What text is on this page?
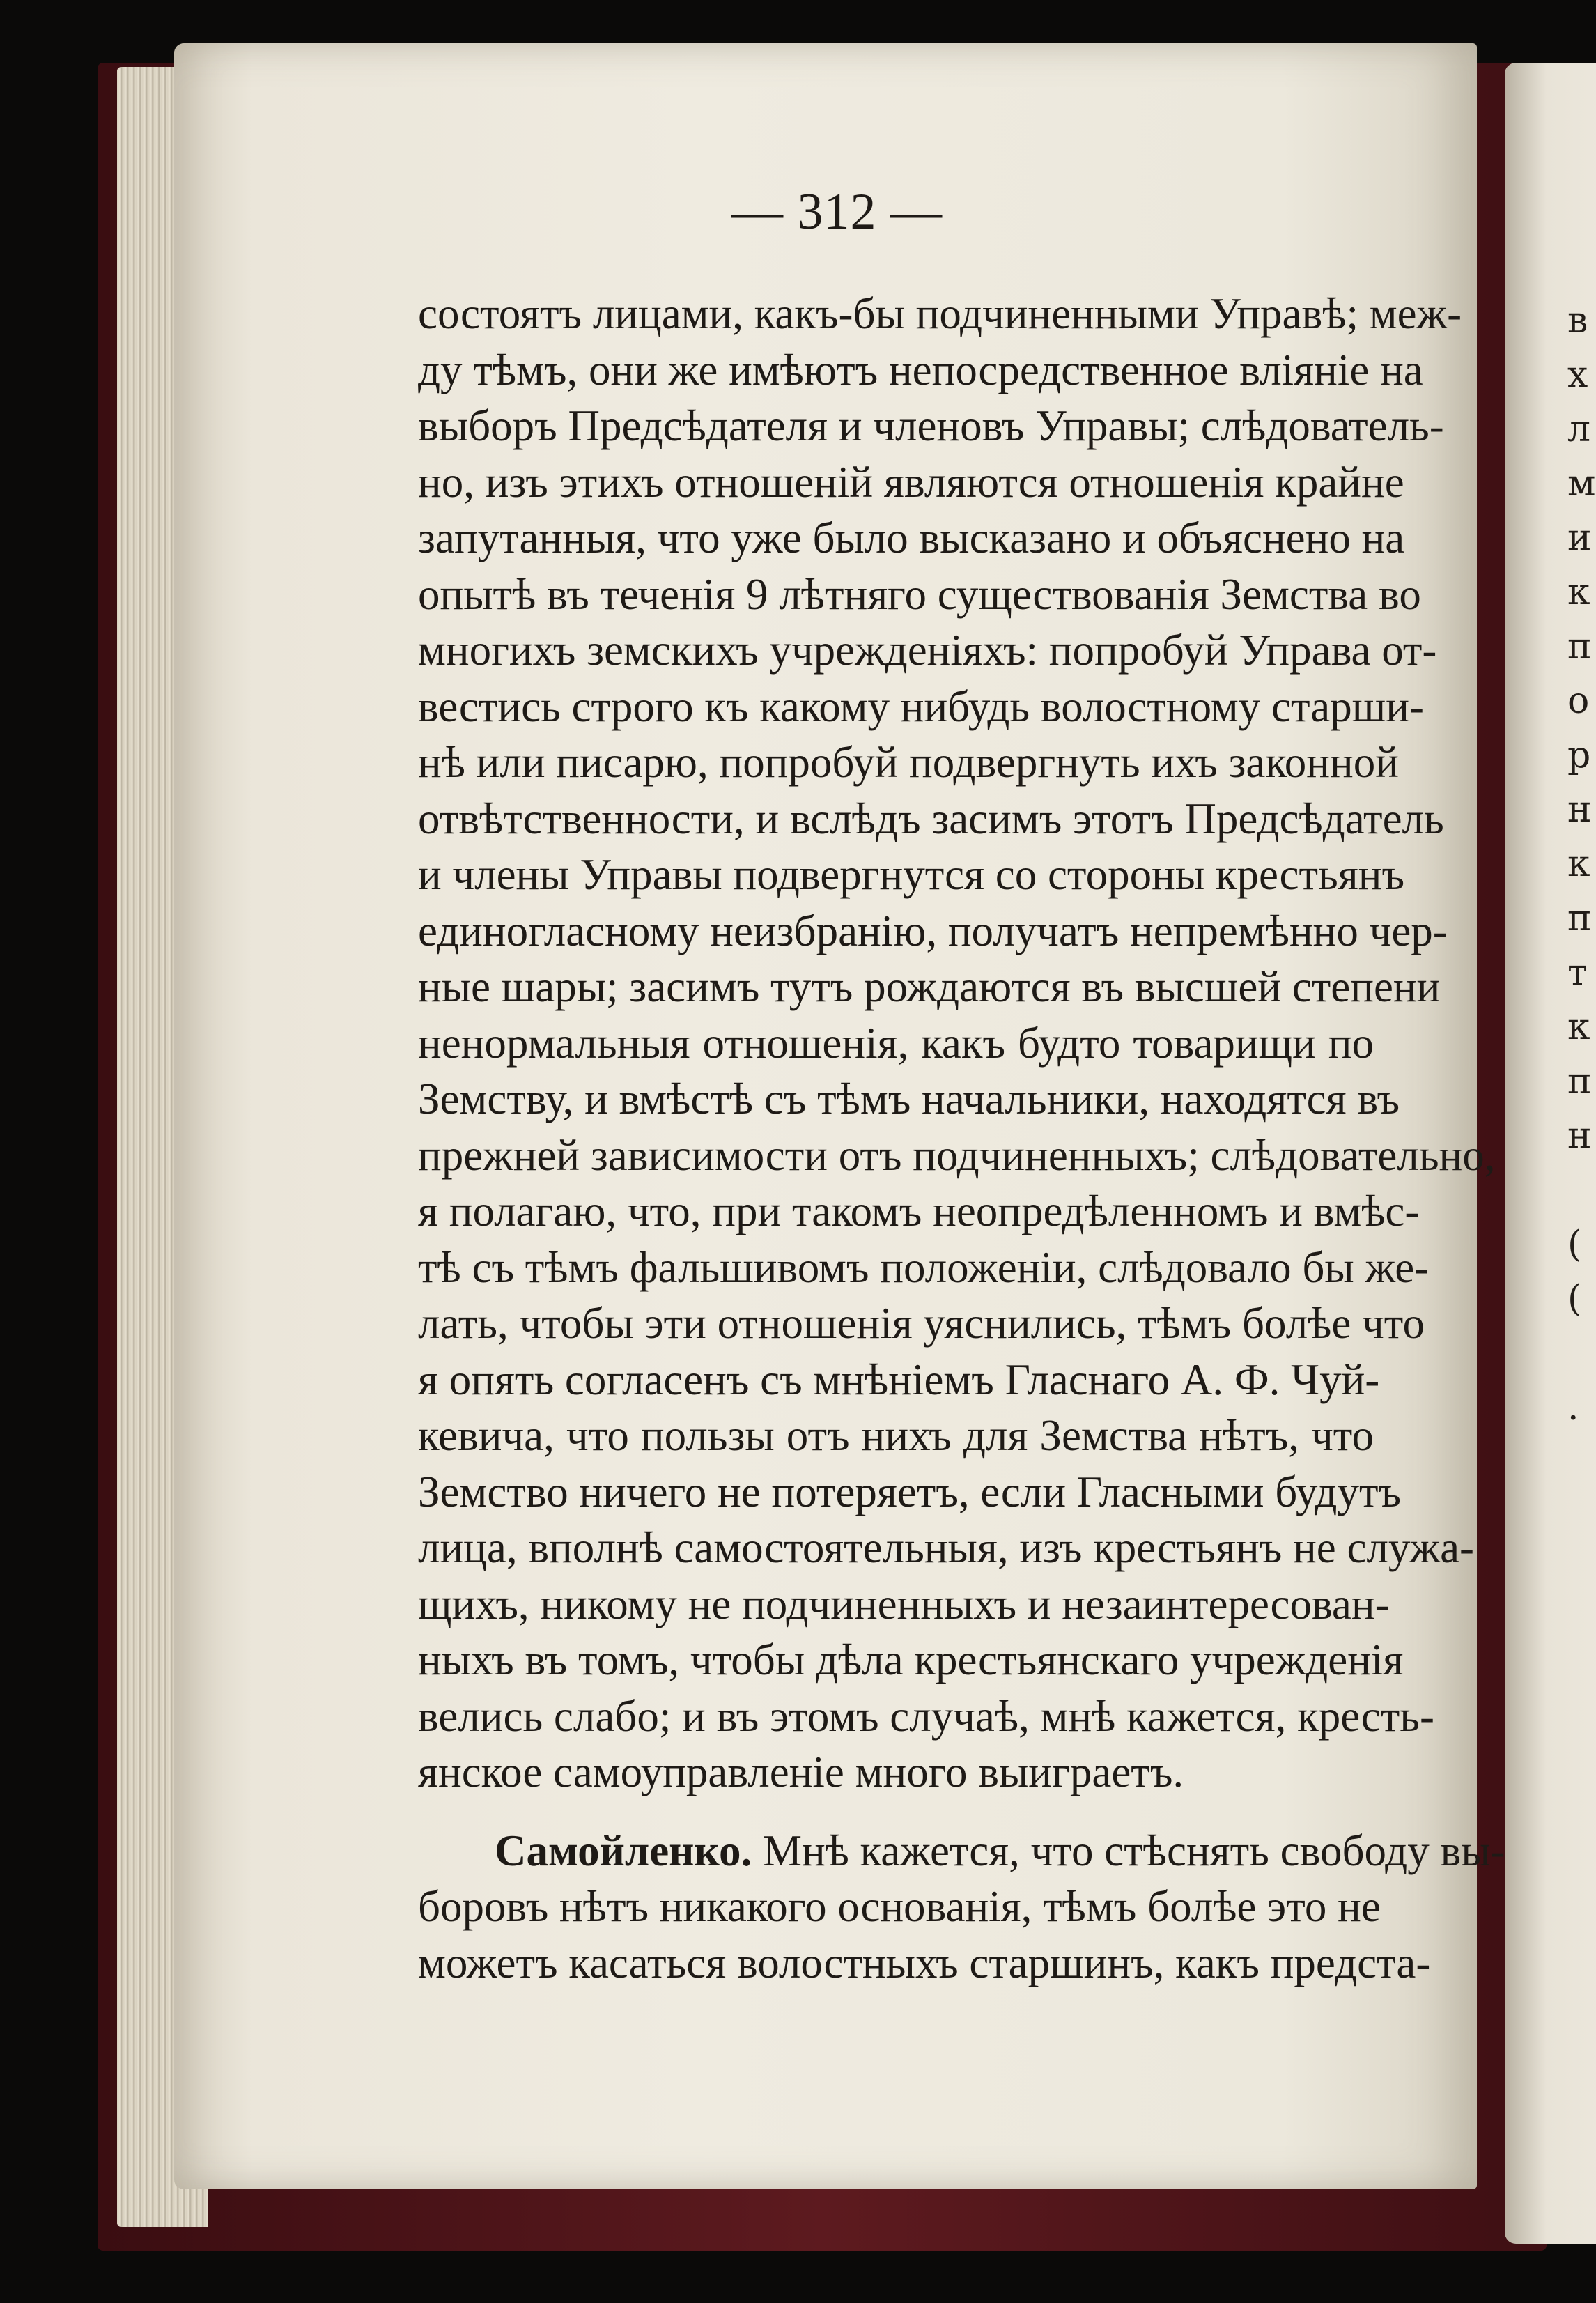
в
х
л
м
и
к
п
о
р
н
к
п
т
к
п
н
(
(
.
— 312 —
состоятъ лицами, какъ-бы подчиненными Управѣ; меж-
ду тѣмъ, они же имѣютъ непосредственное вліяніе на
выборъ Предсѣдателя и членовъ Управы; слѣдователь-
но, изъ этихъ отношеній являются отношенія крайне
запутанныя, что уже было высказано и объяснено на
опытѣ въ теченія 9 лѣтняго существованія Земства во
многихъ земскихъ учрежденіяхъ: попробуй Управа от-
вестись строго къ какому нибудь волостному старши-
нѣ или писарю, попробуй подвергнуть ихъ законной
отвѣтственности, и вслѣдъ засимъ этотъ Предсѣдатель
и члены Управы подвергнутся со стороны крестьянъ
единогласному неизбранію, получатъ непремѣнно чер-
ные шары; засимъ тутъ рождаются въ высшей степени
ненормальныя отношенія, какъ будто товарищи по
Земству, и вмѣстѣ съ тѣмъ начальники, находятся въ
прежней зависимости отъ подчиненныхъ; слѣдовательно,
я полагаю, что, при такомъ неопредѣленномъ и вмѣс-
тѣ съ тѣмъ фальшивомъ положеніи, слѣдовало бы же-
лать, чтобы эти отношенія уяснились, тѣмъ болѣе что
я опять согласенъ съ мнѣніемъ Гласнаго А. Ф. Чуй-
кевича, что пользы отъ нихъ для Земства нѣтъ, что
Земство ничего не потеряетъ, если Гласными будутъ
лица, вполнѣ самостоятельныя, изъ крестьянъ не служа-
щихъ, никому не подчиненныхъ и незаинтересован-
ныхъ въ томъ, чтобы дѣла крестьянскаго учрежденія
велись слабо; и въ этомъ случаѣ, мнѣ кажется, кресть-
янское самоуправленіе много выиграетъ.
Самойленко. Мнѣ кажется, что стѣснять свободу вы-
боровъ нѣтъ никакого основанія, тѣмъ болѣе это не
можетъ касаться волостныхъ старшинъ, какъ предста-
